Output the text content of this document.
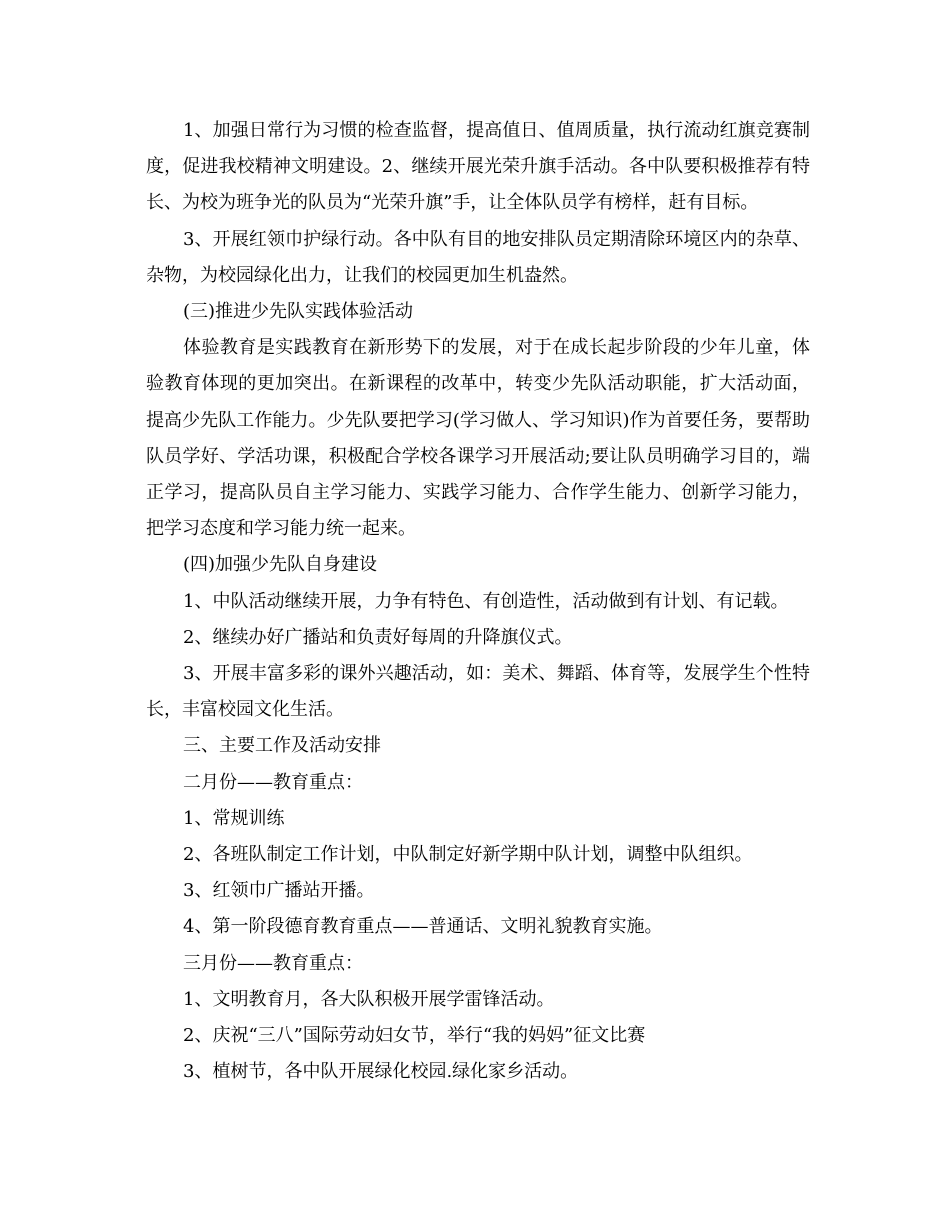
1、加强日常行为习惯的检查监督，提高值日、值周质量，执行流动红旗竞赛制度，促进我校精神文明建设。2、继续开展光荣升旗手活动。各中队要积极推荐有特长、为校为班争光的队员为“光荣升旗”手，让全体队员学有榜样，赶有目标。

3、开展红领巾护绿行动。各中队有目的地安排队员定期清除环境区内的杂草、杂物，为校园绿化出力，让我们的校园更加生机盎然。

(三)推进少先队实践体验活动

体验教育是实践教育在新形势下的发展，对于在成长起步阶段的少年儿童，体验教育体现的更加突出。在新课程的改革中，转变少先队活动职能，扩大活动面，提高少先队工作能力。少先队要把学习(学习做人、学习知识)作为首要任务，要帮助队员学好、学活功课，积极配合学校各课学习开展活动;要让队员明确学习目的，端正学习，提高队员自主学习能力、实践学习能力、合作学生能力、创新学习能力，把学习态度和学习能力统一起来。

(四)加强少先队自身建设

1、中队活动继续开展，力争有特色、有创造性，活动做到有计划、有记载。

2、继续办好广播站和负责好每周的升降旗仪式。

3、开展丰富多彩的课外兴趣活动，如：美术、舞蹈、体育等，发展学生个性特长，丰富校园文化生活。

三、主要工作及活动安排

二月份——教育重点：

1、常规训练

2、各班队制定工作计划，中队制定好新学期中队计划，调整中队组织。

3、红领巾广播站开播。

4、第一阶段德育教育重点——普通话、文明礼貌教育实施。

三月份——教育重点：

1、文明教育月，各大队积极开展学雷锋活动。

2、庆祝“三八”国际劳动妇女节，举行“我的妈妈”征文比赛

3、植树节，各中队开展绿化校园.绿化家乡活动。
